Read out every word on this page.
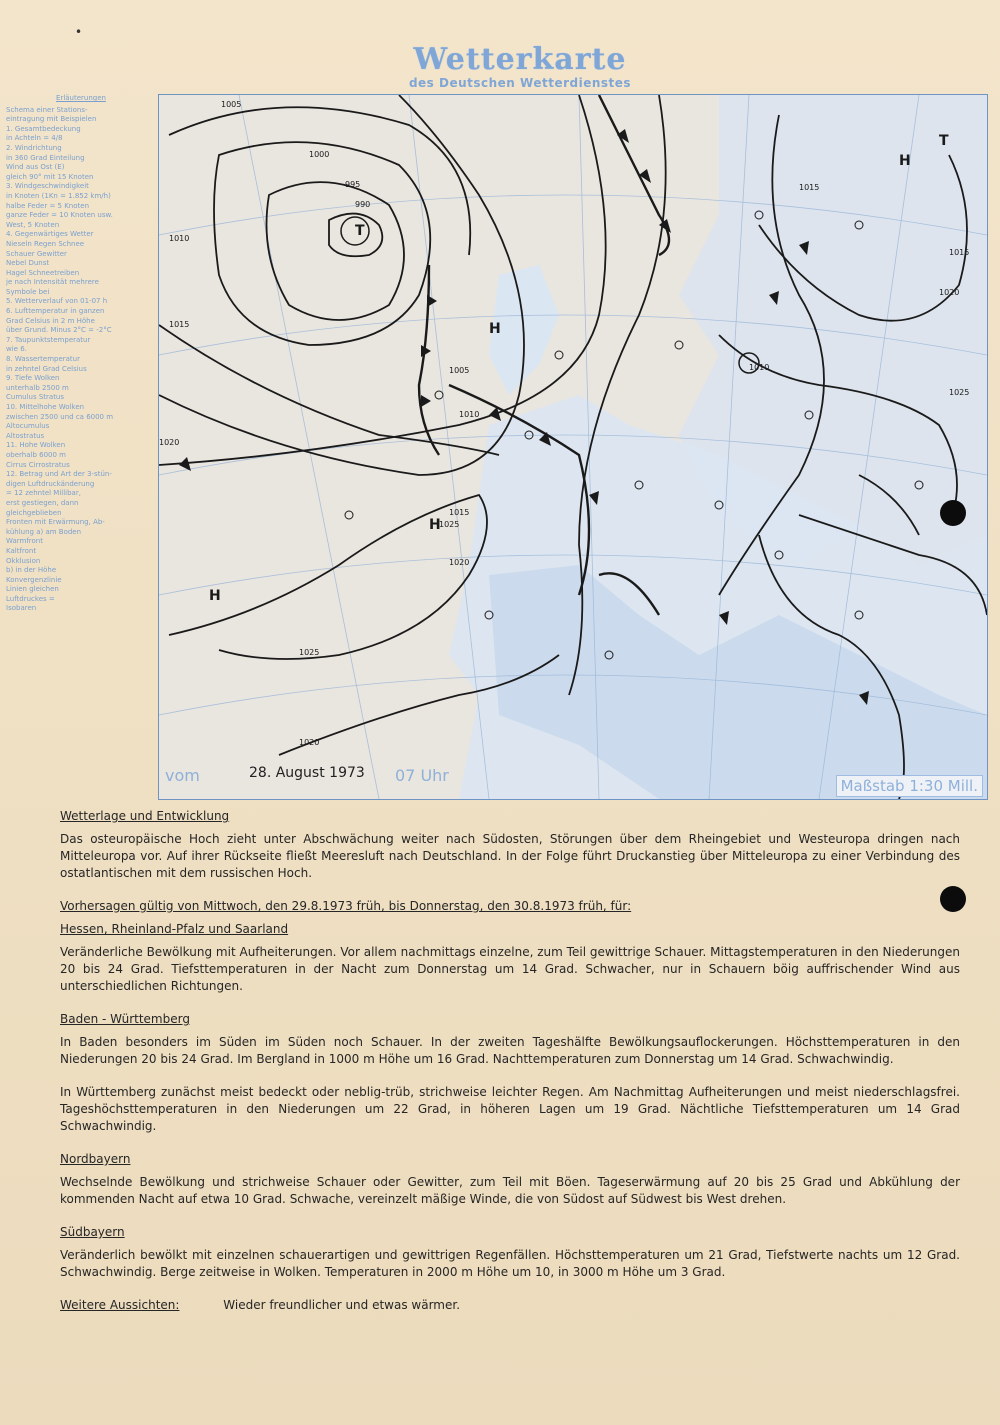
•
Wetterkarte
des Deutschen Wetterdienstes
Erläuterungen
Schema einer Stations-
eintragung mit Beispielen
1. Gesamtbedeckung
in Achteln = 4/8
2. Windrichtung
in 360 Grad Einteilung
Wind aus Ost (E)
gleich 90° mit 15 Knoten
3. Windgeschwindigkeit
in Knoten (1Kn = 1.852 km/h)
halbe Feder = 5 Knoten
ganze Feder = 10 Knoten usw.
West, 5 Knoten
4. Gegenwärtiges Wetter
Nieseln Regen Schnee
Schauer Gewitter
Nebel Dunst
Hagel Schneetreiben
je nach Intensität mehrere
Symbole bei
5. Wetterverlauf von 01-07 h
6. Lufttemperatur in ganzen
Grad Celsius in 2 m Höhe
über Grund. Minus 2°C = -2°C
7. Taupunktstemperatur
wie 6.
8. Wassertemperatur
in zehntel Grad Celsius
9. Tiefe Wolken
unterhalb 2500 m
Cumulus Stratus
10. Mittelhohe Wolken
zwischen 2500 und ca 6000 m
Altocumulus
Altostratus
11. Hohe Wolken
oberhalb 6000 m
Cirrus Cirrostratus
12. Betrag und Art der 3-stün-
digen Luftdruckänderung
= 12 zehntel Millibar,
erst gestiegen, dann
gleichgeblieben
Fronten mit Erwärmung, Ab-
kühlung a) am Boden
Warmfront
Kaltfront
Okklusion
b) in der Höhe
Konvergenzlinie
Linien gleichen
Luftdruckes =
Isobaren
1005
1000
995
990
T
1010
1015
1020
1025
H
H
H
1005
1010
1015
1020
1025
1020
1015
1010
H
T
1015
1020
1025
vom	28. August 1973 07 Uhr
Maßstab 1:30 Mill.
Wetterlage und Entwicklung

Das osteuropäische Hoch zieht unter Abschwächung weiter nach Südosten, Störungen über dem Rheingebiet und Westeuropa dringen nach Mitteleuropa vor. Auf ihrer Rückseite fließt Meeresluft nach Deutschland. In der Folge führt Druckanstieg über Mitteleuropa zu einer Verbindung des ostatlantischen mit dem russischen Hoch.

Vorhersagen gültig von Mittwoch, den 29.8.1973 früh, bis Donnerstag, den 30.8.1973 früh, für:
Hessen, Rheinland-Pfalz und Saarland

Veränderliche Bewölkung mit Aufheiterungen. Vor allem nachmittags einzelne, zum Teil gewittrige Schauer. Mittagstemperaturen in den Niederungen 20 bis 24 Grad. Tiefsttemperaturen in der Nacht zum Donnerstag um 14 Grad. Schwacher, nur in Schauern böig auffrischender Wind aus unterschiedlichen Richtungen.

Baden - Württemberg

In Baden besonders im Süden im Süden noch Schauer. In der zweiten Tageshälfte Bewölkungsauflockerungen. Höchsttemperaturen in den Niederungen 20 bis 24 Grad. Im Bergland in 1000 m Höhe um 16 Grad. Nachttemperaturen zum Donnerstag um 14 Grad. Schwachwindig.

In Württemberg zunächst meist bedeckt oder neblig-trüb, strichweise leichter Regen. Am Nachmittag Aufheiterungen und meist niederschlagsfrei. Tageshöchsttemperaturen in den Niederungen um 22 Grad, in höheren Lagen um 19 Grad. Nächtliche Tiefsttemperaturen um 14 Grad Schwachwindig.

Nordbayern

Wechselnde Bewölkung und strichweise Schauer oder Gewitter, zum Teil mit Böen. Tageserwärmung auf 20 bis 25 Grad und Abkühlung der kommenden Nacht auf etwa 10 Grad. Schwache, vereinzelt mäßige Winde, die von Südost auf Südwest bis West drehen.

Südbayern

Veränderlich bewölkt mit einzelnen schauerartigen und gewittrigen Regenfällen. Höchsttemperaturen um 21 Grad, Tiefstwerte nachts um 12 Grad. Schwachwindig. Berge zeitweise in Wolken. Temperaturen in 2000 m Höhe um 10, in 3000 m Höhe um 3 Grad.

Weitere Aussichten:	Wieder freundlicher und etwas wärmer.
